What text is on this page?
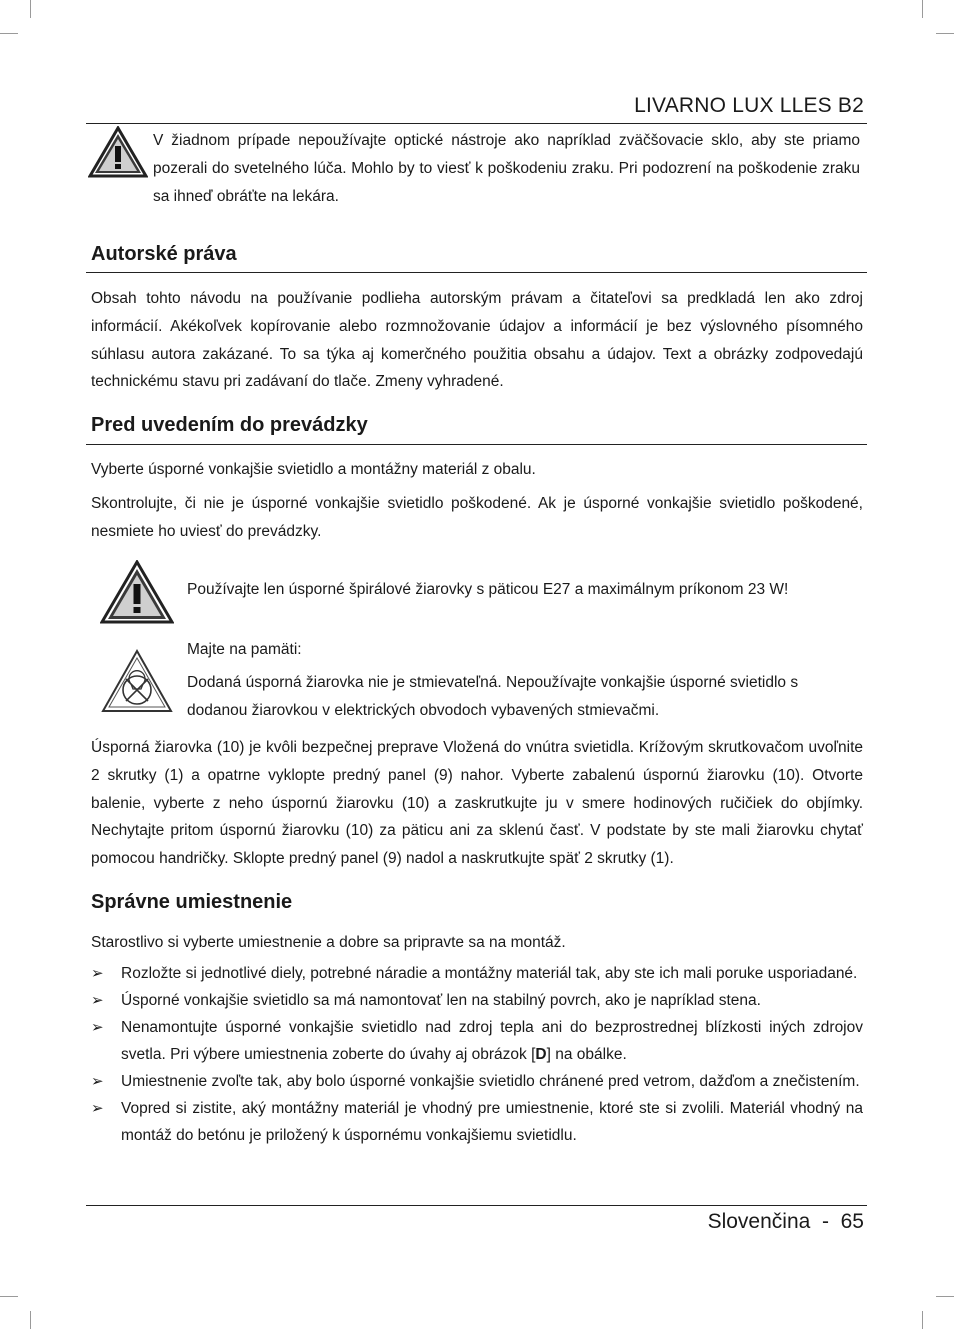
LIVARNO LUX LLES B2

V žiadnom prípade nepoužívajte optické nástroje ako napríklad zväčšovacie sklo, aby ste priamo pozerali do svetelného lúča. Mohlo by to viesť k poškodeniu zraku. Pri podozrení na poškodenie zraku sa ihneď obráťte na lekára.

Autorské práva

Obsah tohto návodu na používanie podlieha autorským právam a čitateľovi sa predkladá len ako zdroj informácií. Akékoľvek kopírovanie alebo rozmnožovanie údajov a informácií je bez výslovného písomného súhlasu autora zakázané. To sa týka aj komerčného použitia obsahu a údajov. Text a obrázky zodpovedajú technickému stavu pri zadávaní do tlače. Zmeny vyhradené.

Pred uvedením do prevádzky

Vyberte úsporné vonkajšie svietidlo a montážny materiál z obalu.

Skontrolujte, či nie je úsporné vonkajšie svietidlo poškodené. Ak je úsporné vonkajšie svietidlo poškodené, nesmiete ho uviesť do prevádzky.

Používajte len úsporné špirálové žiarovky s päticou E27 a maximálnym príkonom 23 W!

Majte na pamäti:

Dodaná úsporná žiarovka nie je stmievateľná. Nepoužívajte vonkajšie úsporné svietidlo s dodanou žiarovkou v elektrických obvodoch vybavených stmievačmi.

Úsporná žiarovka (10) je kvôli bezpečnej preprave Vložená do vnútra svietidla. Krížovým skrutkovačom uvoľnite 2 skrutky (1) a opatrne vyklopte predný panel (9) nahor. Vyberte zabalenú úspornú žiarovku (10). Otvorte balenie, vyberte z neho úspornú žiarovku (10) a zaskrutkujte ju v smere hodinových ručičiek do objímky. Nechytajte pritom úspornú žiarovku (10) za päticu ani za sklenú časť. V podstate by ste mali žiarovku chytať pomocou handričky. Sklopte predný panel (9) nadol a naskrutkujte späť 2 skrutky (1).

Správne umiestnenie

Starostlivo si vyberte umiestnenie a dobre sa pripravte sa na montáž.

➢ Rozložte si jednotlivé diely, potrebné náradie a montážny materiál tak, aby ste ich mali poruke usporiadané.
➢ Úsporné vonkajšie svietidlo sa má namontovať len na stabilný povrch, ako je napríklad stena.
➢ Nenamontujte úsporné vonkajšie svietidlo nad zdroj tepla ani do bezprostrednej blízkosti iných zdrojov svetla. Pri výbere umiestnenia zoberte do úvahy aj obrázok [D] na obálke.
➢ Umiestnenie zvoľte tak, aby bolo úsporné vonkajšie svietidlo chránené pred vetrom, dažďom a znečistením.
➢ Vopred si zistite, aký montážny materiál je vhodný pre umiestnenie, ktoré ste si zvolili. Materiál vhodný na montáž do betónu je priložený k úspornému vonkajšiemu svietidlu.
Slovenčina  -  65
